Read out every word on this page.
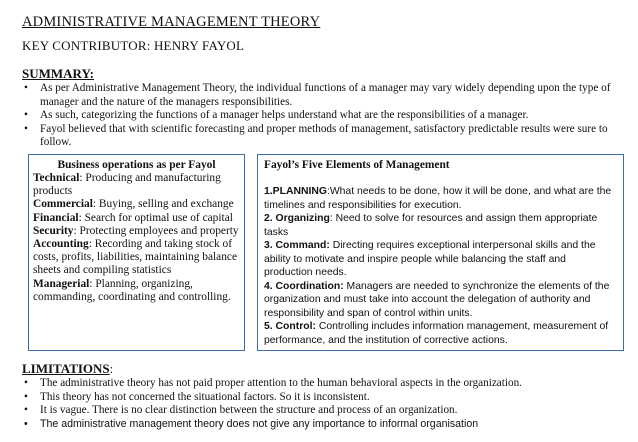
ADMINISTRATIVE MANAGEMENT THEORY
KEY CONTRIBUTOR: HENRY FAYOL
SUMMARY:
• As per Administrative Management Theory, the individual functions of a manager may vary widely depending upon the type of manager and the nature of the managers responsibilities.
• As such, categorizing the functions of a manager helps understand what are the responsibilities of a manager.
• Fayol believed that with scientific forecasting and proper methods of management, satisfactory predictable results were sure to follow.
Business operations as per Fayol
Technical: Producing and manufacturing products
Commercial: Buying, selling and exchange
Financial: Search for optimal use of capital
Security: Protecting employees and property
Accounting: Recording and taking stock of costs, profits, liabilities, maintaining balance sheets and compiling statistics
Managerial: Planning, organizing, commanding, coordinating and controlling.
Fayol’s Five Elements of Management
1.PLANNING:What needs to be done, how it will be done, and what are the timelines and responsibilities for execution.
2. Organizing: Need to solve for resources and assign them appropriate tasks
3. Command: Directing requires exceptional interpersonal skills and the ability to motivate and inspire people while balancing the staff and production needs.
4. Coordination: Managers are needed to synchronize the elements of the organization and must take into account the delegation of authority and responsibility and span of control within units.
5. Control: Controlling includes information management, measurement of performance, and the institution of corrective actions.
LIMITATIONS:
• The administrative theory has not paid proper attention to the human behavioral aspects in the organization.
• This theory has not concerned the situational factors. So it is inconsistent.
• It is vague. There is no clear distinction between the structure and process of an organization.
• The administrative management theory does not give any importance to informal organisation
